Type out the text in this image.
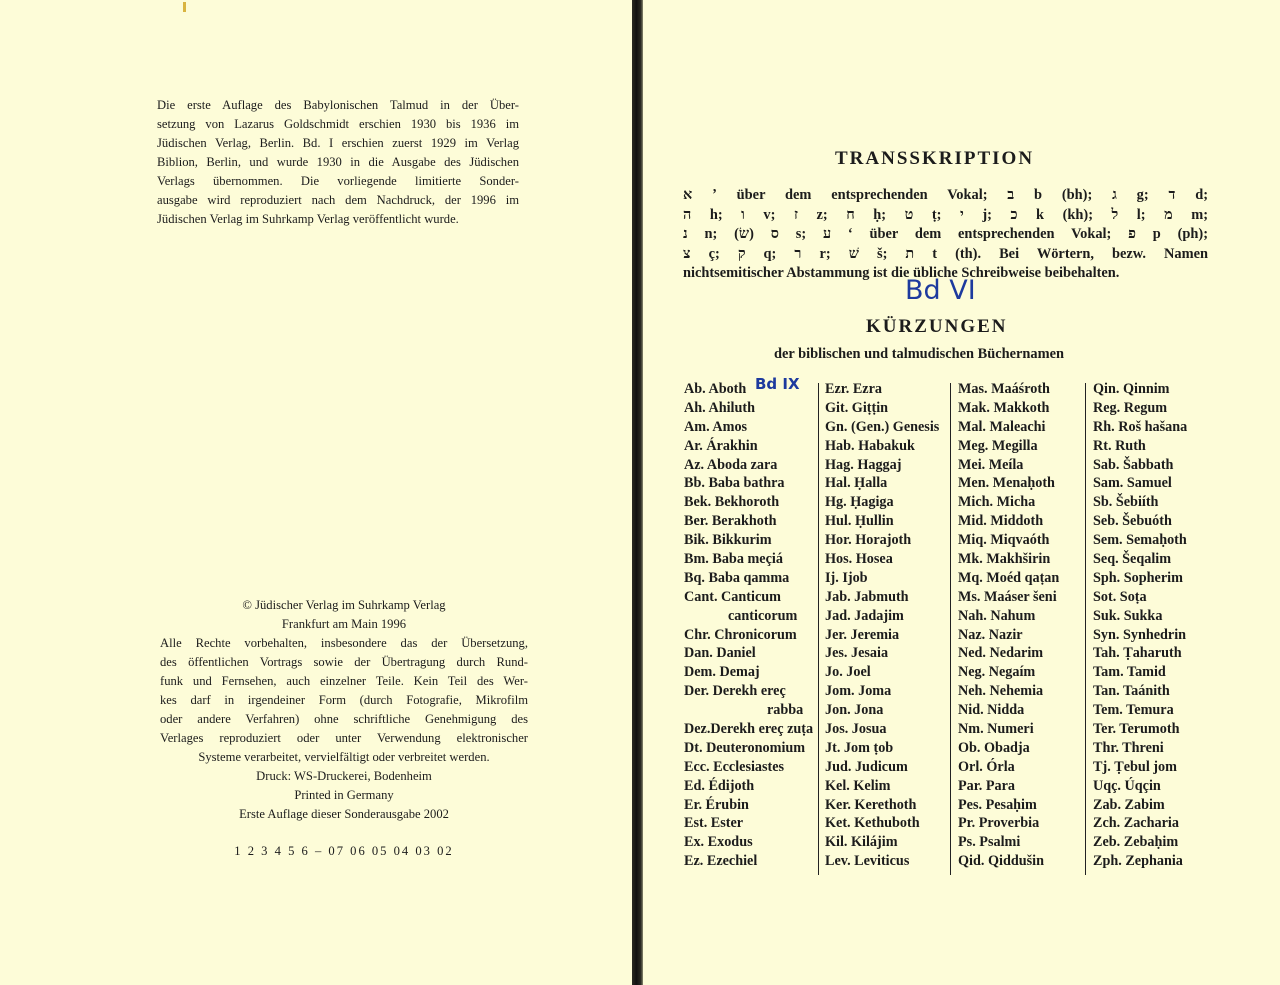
Die erste Auflage des Babylonischen Talmud in der Über-
setzung von Lazarus Goldschmidt erschien 1930 bis 1936 im
Jüdischen Verlag, Berlin. Bd. I erschien zuerst 1929 im Verlag
Biblion, Berlin, und wurde 1930 in die Ausgabe des Jüdischen
Verlags übernommen. Die vorliegende limitierte Sonder-
ausgabe wird reproduziert nach dem Nachdruck, der 1996 im
Jüdischen Verlag im Suhrkamp Verlag veröffentlicht wurde.
© Jüdischer Verlag im Suhrkamp Verlag
Frankfurt am Main 1996
Alle Rechte vorbehalten, insbesondere das der Übersetzung,
des öffentlichen Vortrags sowie der Übertragung durch Rund-
funk und Fernsehen, auch einzelner Teile. Kein Teil des Wer-
kes darf in irgendeiner Form (durch Fotografie, Mikrofilm
oder andere Verfahren) ohne schriftliche Genehmigung des
Verlages reproduziert oder unter Verwendung elektronischer
Systeme verarbeitet, vervielfältigt oder verbreitet werden.
Druck: WS-Druckerei, Bodenheim
Printed in Germany
Erste Auflage dieser Sonderausgabe 2002
1 2 3 4 5 6 – 07 06 05 04 03 02
TRANSSKRIPTION
א ʼ über dem entsprechenden Vokal; ב b (bh); ג g; ד d;
ה h; ו v; ז z; ח ḥ; ט ṭ; י j; כ k (kh); ל l; מ m;
נ n; ס (שׂ) s; ע ʻ über dem entsprechenden Vokal; פ p (ph);
צ ç; ק q; ר r; שׁ š; ת t (th). Bei Wörtern, bezw. Namen
nichtsemitischer Abstammung ist die übliche Schreibweise beibehalten.
Bd VI
KÜRZUNGEN
der biblischen und talmudischen Büchernamen
Bd IX
Ab. Aboth
Ah. Ahiluth
Am. Amos
Ar. Árakhin
Az. Aboda zara
Bb. Baba bathra
Bek. Bekhoroth
Ber. Berakhoth
Bik. Bikkurim
Bm. Baba meçiá
Bq. Baba qamma
Cant. Canticum
canticorum
Chr. Chronicorum
Dan. Daniel
Dem. Demaj
Der. Derekh ereç
rabba
Dez.Derekh ereç zuṭa
Dt. Deuteronomium
Ecc. Ecclesiastes
Ed. Édijoth
Er. Érubin
Est. Ester
Ex. Exodus
Ez. Ezechiel
Ezr. Ezra
Git. Giṭṭin
Gn. (Gen.) Genesis
Hab. Habakuk
Hag. Haggaj
Hal. Ḥalla
Hg. Ḥagiga
Hul. Ḥullin
Hor. Horajoth
Hos. Hosea
Ij. Ijob
Jab. Jabmuth
Jad. Jadajim
Jer. Jeremia
Jes. Jesaia
Jo. Joel
Jom. Joma
Jon. Jona
Jos. Josua
Jt. Jom ṭob
Jud. Judicum
Kel. Kelim
Ker. Kerethoth
Ket. Kethuboth
Kil. Kilájim
Lev. Leviticus
Mas. Maáśroth
Mak. Makkoth
Mal. Maleachi
Meg. Megilla
Mei. Meíla
Men. Menaḥoth
Mich. Micha
Mid. Middoth
Miq. Miqvaóth
Mk. Makhširin
Mq. Moéd qaṭan
Ms. Maáser šeni
Nah. Nahum
Naz. Nazir
Ned. Nedarim
Neg. Negaím
Neh. Nehemia
Nid. Nidda
Nm. Numeri
Ob. Obadja
Orl. Órla
Par. Para
Pes. Pesaḥim
Pr. Proverbia
Ps. Psalmi
Qid. Qiddušin
Qin. Qinnim
Reg. Regum
Rh. Roš hašana
Rt. Ruth
Sab. Šabbath
Sam. Samuel
Sb. Šebiíth
Seb. Šebuóth
Sem. Semaḥoth
Seq. Šeqalim
Sph. Sopherim
Sot. Soṭa
Suk. Sukka
Syn. Synhedrin
Tah. Ṭaharuth
Tam. Tamid
Tan. Taánith
Tem. Temura
Ter. Terumoth
Thr. Threni
Tj. Ṭebul jom
Uqç. Úqçin
Zab. Zabim
Zch. Zacharia
Zeb. Zebaḥim
Zph. Zephania
